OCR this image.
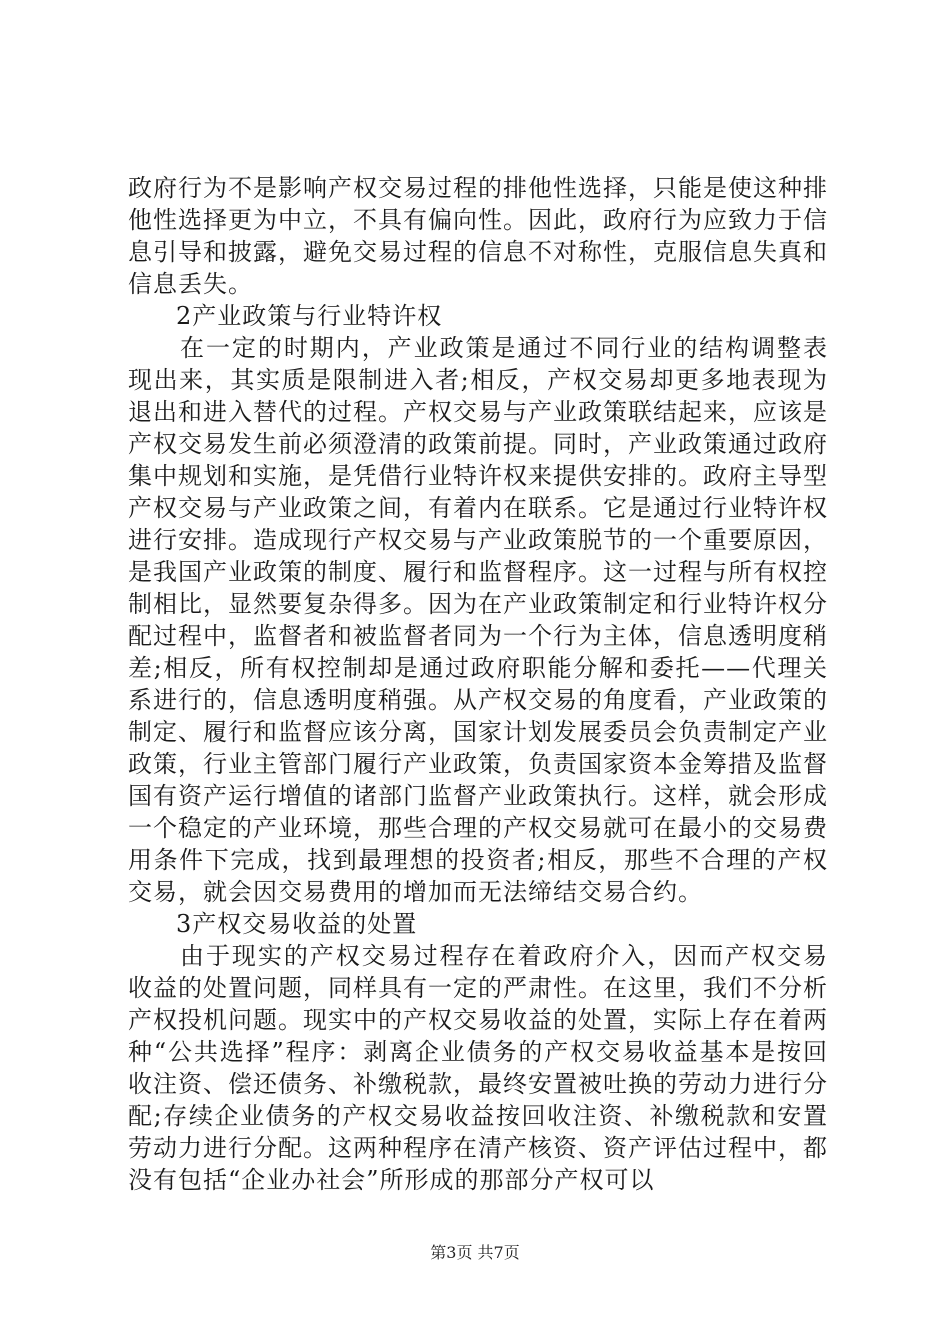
政府行为不是影响产权交易过程的排他性选择，只能是使这种排他性选择更为中立，不具有偏向性。因此，政府行为应致力于信息引导和披露，避免交易过程的信息不对称性，克服信息失真和信息丢失。

2产业政策与行业特许权

在一定的时期内，产业政策是通过不同行业的结构调整表现出来，其实质是限制进入者;相反，产权交易却更多地表现为退出和进入替代的过程。产权交易与产业政策联结起来，应该是产权交易发生前必须澄清的政策前提。同时，产业政策通过政府集中规划和实施，是凭借行业特许权来提供安排的。政府主导型产权交易与产业政策之间，有着内在联系。它是通过行业特许权进行安排。造成现行产权交易与产业政策脱节的一个重要原因，是我国产业政策的制度、履行和监督程序。这一过程与所有权控制相比，显然要复杂得多。因为在产业政策制定和行业特许权分配过程中，监督者和被监督者同为一个行为主体，信息透明度稍差;相反，所有权控制却是通过政府职能分解和委托——代理关系进行的，信息透明度稍强。从产权交易的角度看，产业政策的制定、履行和监督应该分离，国家计划发展委员会负责制定产业政策，行业主管部门履行产业政策，负责国家资本金筹措及监督国有资产运行增值的诸部门监督产业政策执行。这样，就会形成一个稳定的产业环境，那些合理的产权交易就可在最小的交易费用条件下完成，找到最理想的投资者;相反，那些不合理的产权交易，就会因交易费用的增加而无法缔结交易合约。

3产权交易收益的处置

由于现实的产权交易过程存在着政府介入，因而产权交易收益的处置问题，同样具有一定的严肃性。在这里，我们不分析产权投机问题。现实中的产权交易收益的处置，实际上存在着两种“公共选择”程序：剥离企业债务的产权交易收益基本是按回收注资、偿还债务、补缴税款，最终安置被吐换的劳动力进行分配;存续企业债务的产权交易收益按回收注资、补缴税款和安置劳动力进行分配。这两种程序在清产核资、资产评估过程中，都没有包括“企业办社会”所形成的那部分产权可以

第3页 共7页
